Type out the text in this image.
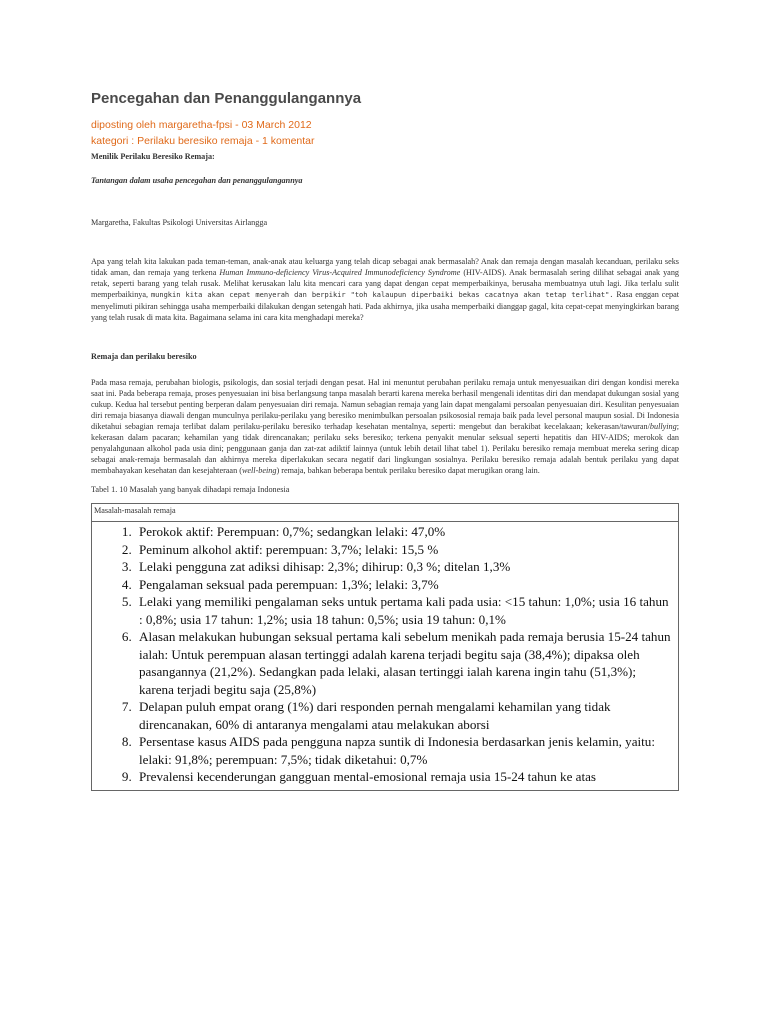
Pencegahan dan Penanggulangannya
diposting oleh margaretha-fpsi - 03 March 2012
kategori : Perilaku beresiko remaja - 1 komentar
Menilik Perilaku Beresiko Remaja:
Tantangan dalam usaha pencegahan dan penanggulangannya
Margaretha, Fakultas Psikologi Universitas Airlangga
Apa yang telah kita lakukan pada teman-teman, anak-anak atau keluarga yang telah dicap sebagai anak bermasalah? Anak dan remaja dengan masalah kecanduan, perilaku seks tidak aman, dan remaja yang terkena Human Immuno-deficiency Virus-Acquired Immunodeficiency Syndrome (HIV-AIDS). Anak bermasalah sering dilihat sebagai anak yang retak, seperti barang yang telah rusak. Melihat kerusakan lalu kita mencari cara yang dapat dengan cepat memperbaikinya, berusaha membuatnya utuh lagi. Jika terlalu sulit memperbaikinya, mungkin kita akan cepat menyerah dan berpikir "toh kalaupun diperbaiki bekas cacatnya akan tetap terlihat". Rasa enggan cepat menyelimuti pikiran sehingga usaha memperbaiki dilakukan dengan setengah hati. Pada akhirnya, jika usaha memperbaiki dianggap gagal, kita cepat-cepat menyingkirkan barang yang telah rusak di mata kita. Bagaimana selama ini cara kita menghadapi mereka?
Remaja dan perilaku beresiko
Pada masa remaja, perubahan biologis, psikologis, dan sosial terjadi dengan pesat. Hal ini menuntut perubahan perilaku remaja untuk menyesuaikan diri dengan kondisi mereka saat ini. Pada beberapa remaja, proses penyesuaian ini bisa berlangsung tanpa masalah berarti karena mereka berhasil mengenali identitas diri dan mendapat dukungan sosial yang cukup. Kedua hal tersebut penting berperan dalam penyesuaian diri remaja. Namun sebagian remaja yang lain dapat mengalami persoalan penyesuaian diri. Kesulitan penyesuaian diri remaja biasanya diawali dengan munculnya perilaku-perilaku yang beresiko menimbulkan persoalan psikososial remaja baik pada level personal maupun sosial. Di Indonesia diketahui sebagian remaja terlibat dalam perilaku-perilaku beresiko terhadap kesehatan mentalnya, seperti: mengebut dan berakibat kecelakaan; kekerasan/tawuran/bullying; kekerasan dalam pacaran; kehamilan yang tidak direncanakan; perilaku seks beresiko; terkena penyakit menular seksual seperti hepatitis dan HIV-AIDS; merokok dan penyalahgunaan alkohol pada usia dini; penggunaan ganja dan zat-zat adiktif lainnya (untuk lebih detail lihat tabel 1). Perilaku beresiko remaja membuat mereka sering dicap sebagai anak-remaja bermasalah dan akhirnya mereka diperlakukan secara negatif dari lingkungan sosialnya. Perilaku beresiko remaja adalah bentuk perilaku yang dapat membahayakan kesehatan dan kesejahteraan (well-being) remaja, bahkan beberapa bentuk perilaku beresiko dapat merugikan orang lain.
Tabel 1. 10 Masalah yang banyak dihadapi remaja Indonesia
Masalah-masalah remaja
1. Perokok aktif: Perempuan: 0,7%; sedangkan lelaki: 47,0%
2. Peminum alkohol aktif: perempuan: 3,7%; lelaki: 15,5 %
3. Lelaki pengguna zat adiksi dihisap: 2,3%; dihirup: 0,3 %; ditelan 1,3%
4. Pengalaman seksual pada perempuan: 1,3%; lelaki: 3,7%
5. Lelaki yang memiliki pengalaman seks untuk pertama kali pada usia: <15 tahun: 1,0%; usia 16 tahun : 0,8%; usia 17 tahun: 1,2%; usia 18 tahun: 0,5%; usia 19 tahun: 0,1%
6. Alasan melakukan hubungan seksual pertama kali sebelum menikah pada remaja berusia 15-24 tahun ialah: Untuk perempuan alasan tertinggi adalah karena terjadi begitu saja (38,4%); dipaksa oleh pasangannya (21,2%). Sedangkan pada lelaki, alasan tertinggi ialah karena ingin tahu (51,3%); karena terjadi begitu saja (25,8%)
7. Delapan puluh empat orang (1%) dari responden pernah mengalami kehamilan yang tidak direncanakan, 60% di antaranya mengalami atau melakukan aborsi
8. Persentase kasus AIDS pada pengguna napza suntik di Indonesia berdasarkan jenis kelamin, yaitu: lelaki: 91,8%; perempuan: 7,5%; tidak diketahui: 0,7%
9. Prevalensi kecenderungan gangguan mental-emosional remaja usia 15-24 tahun ke atas
